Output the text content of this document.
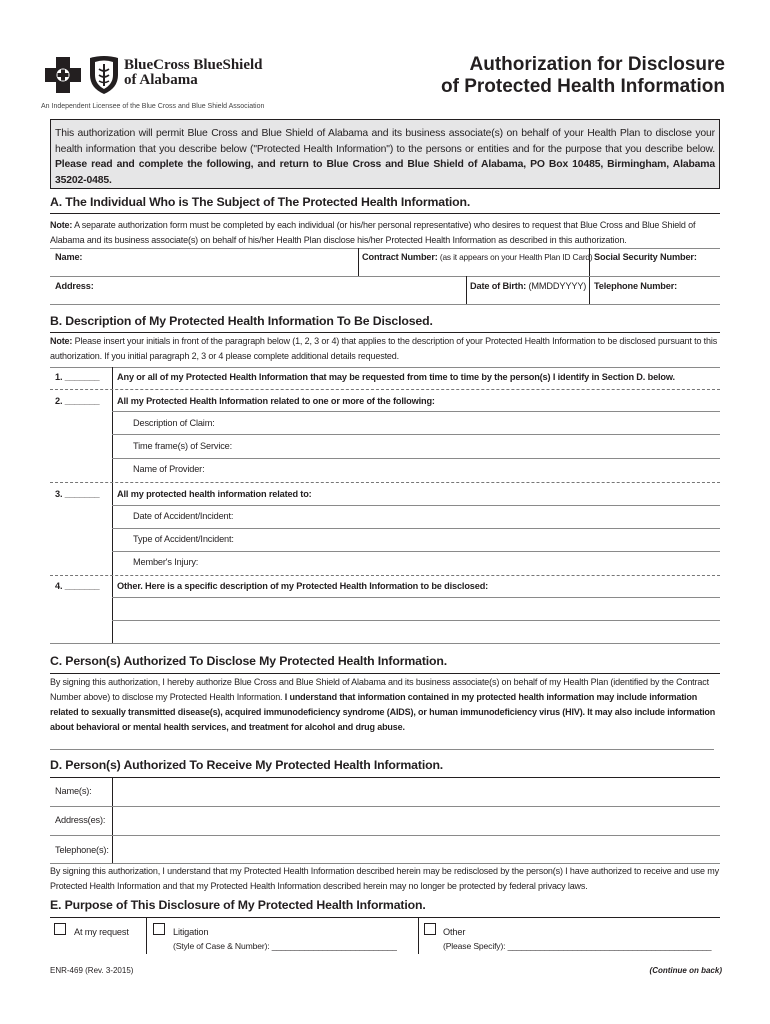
BlueCross BlueShield
of Alabama
An Independent Licensee of the Blue Cross and Blue Shield Association
Authorization for Disclosure
of Protected Health Information

This authorization will permit Blue Cross and Blue Shield of Alabama and its business associate(s) on behalf of your Health Plan to disclose your health information that you describe below ("Protected Health Information") to the persons or entities and for the purpose that you describe below. Please read and complete the following, and return to Blue Cross and Blue Shield of Alabama, PO Box 10485, Birmingham, Alabama 35202-0485.

A. The Individual Who is The Subject of The Protected Health Information.
Note: A separate authorization form must be completed by each individual (or his/her personal representative) who desires to request that Blue Cross and Blue Shield of Alabama and its business associate(s) on behalf of his/her Health Plan disclose his/her Protected Health Information as described in this authorization.
Name:	Contract Number: (as it appears on your Health Plan ID Card) Social Security Number:
Address:	Date of Birth: (MMDDYYYY) Telephone Number:
B. Description of My Protected Health Information To Be Disclosed.
Note: Please insert your initials in front of the paragraph below (1, 2, 3 or 4) that applies to the description of your Protected Health Information to be disclosed pursuant to this authorization. If you initial paragraph 2, 3 or 4 please complete additional details requested.
1. _______ Any or all of my Protected Health Information that may be requested from time to time by the person(s) I identify in Section D. below.
2. _______ All my Protected Health Information related to one or more of the following:
Description of Claim:
Time frame(s) of Service:
Name of Provider:
3. _______ All my protected health information related to:
Date of Accident/Incident:
Type of Accident/Incident:
Member's Injury:
4. _______ Other. Here is a specific description of my Protected Health Information to be disclosed:
C. Person(s) Authorized To Disclose My Protected Health Information.
By signing this authorization, I hereby authorize Blue Cross and Blue Shield of Alabama and its business associate(s) on behalf of my Health Plan (identified by the Contract Number above) to disclose my Protected Health Information. I understand that information contained in my protected health information may include information related to sexually transmitted disease(s), acquired immunodeficiency syndrome (AIDS), or human immunodeficiency virus (HIV). It may also include information about behavioral or mental health services, and treatment for alcohol and drug abuse.
D. Person(s) Authorized To Receive My Protected Health Information.
Name(s):
Address(es):
Telephone(s):
By signing this authorization, I understand that my Protected Health Information described herein may be redisclosed by the person(s) I have authorized to receive and use my Protected Health Information and that my Protected Health Information described herein may no longer be protected by federal privacy laws.
E. Purpose of This Disclosure of My Protected Health Information.
At my request	Litigation
(Style of Case & Number): ___________________________
Other
(Please Specify): ____________________________________________
ENR-469 (Rev. 3-2015)	(Continue on back)
